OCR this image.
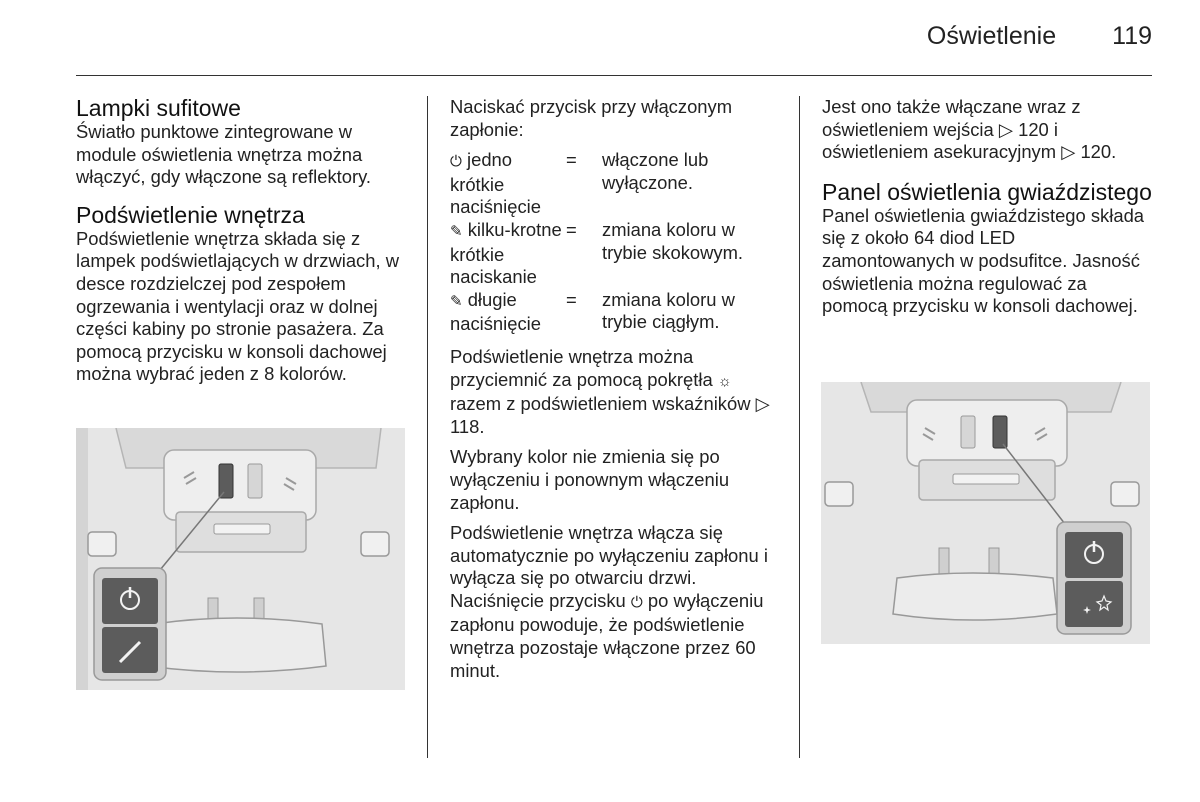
Oświetlenie 119
Lampki sufitowe

Światło punktowe zintegrowane w module oświetlenia wnętrza można włączyć, gdy włączone są reflektory.

Podświetlenie wnętrza

Podświetlenie wnętrza składa się z lampek podświetlających w drzwiach, w desce rozdzielczej pod zespołem ogrzewania i wentylacji oraz w dolnej części kabiny po stronie pasażera. Za pomocą przycisku w konsoli dachowej można wybrać jeden z 8 kolorów.

Naciskać przycisk przy włączonym zapłonie:

⏻ jedno krótkie naciśnięcie	=	włączone lub wyłączone.
✎ kilku-krotne krótkie naciskanie	=	zmiana koloru w trybie skokowym.
✎ długie naciśnięcie	=	zmiana koloru w trybie ciągłym.

Podświetlenie wnętrza można przyciemnić za pomocą pokrętła ☼ razem z podświetleniem wskaźników ▷ 118.

Wybrany kolor nie zmienia się po wyłączeniu i ponownym włączeniu zapłonu.

Podświetlenie wnętrza włącza się automatycznie po wyłączeniu zapłonu i wyłącza się po otwarciu drzwi. Naciśnięcie przycisku ⏻ po wyłączeniu zapłonu powoduje, że podświetlenie wnętrza pozostaje włączone przez 60 minut.

Jest ono także włączane wraz z oświetleniem wejścia ▷ 120 i oświetleniem asekuracyjnym ▷ 120.

Panel oświetlenia gwiaździstego

Panel oświetlenia gwiaździstego składa się z około 64 diod LED zamontowanych w podsufitce. Jasność oświetlenia można regulować za pomocą przycisku w konsoli dachowej.
